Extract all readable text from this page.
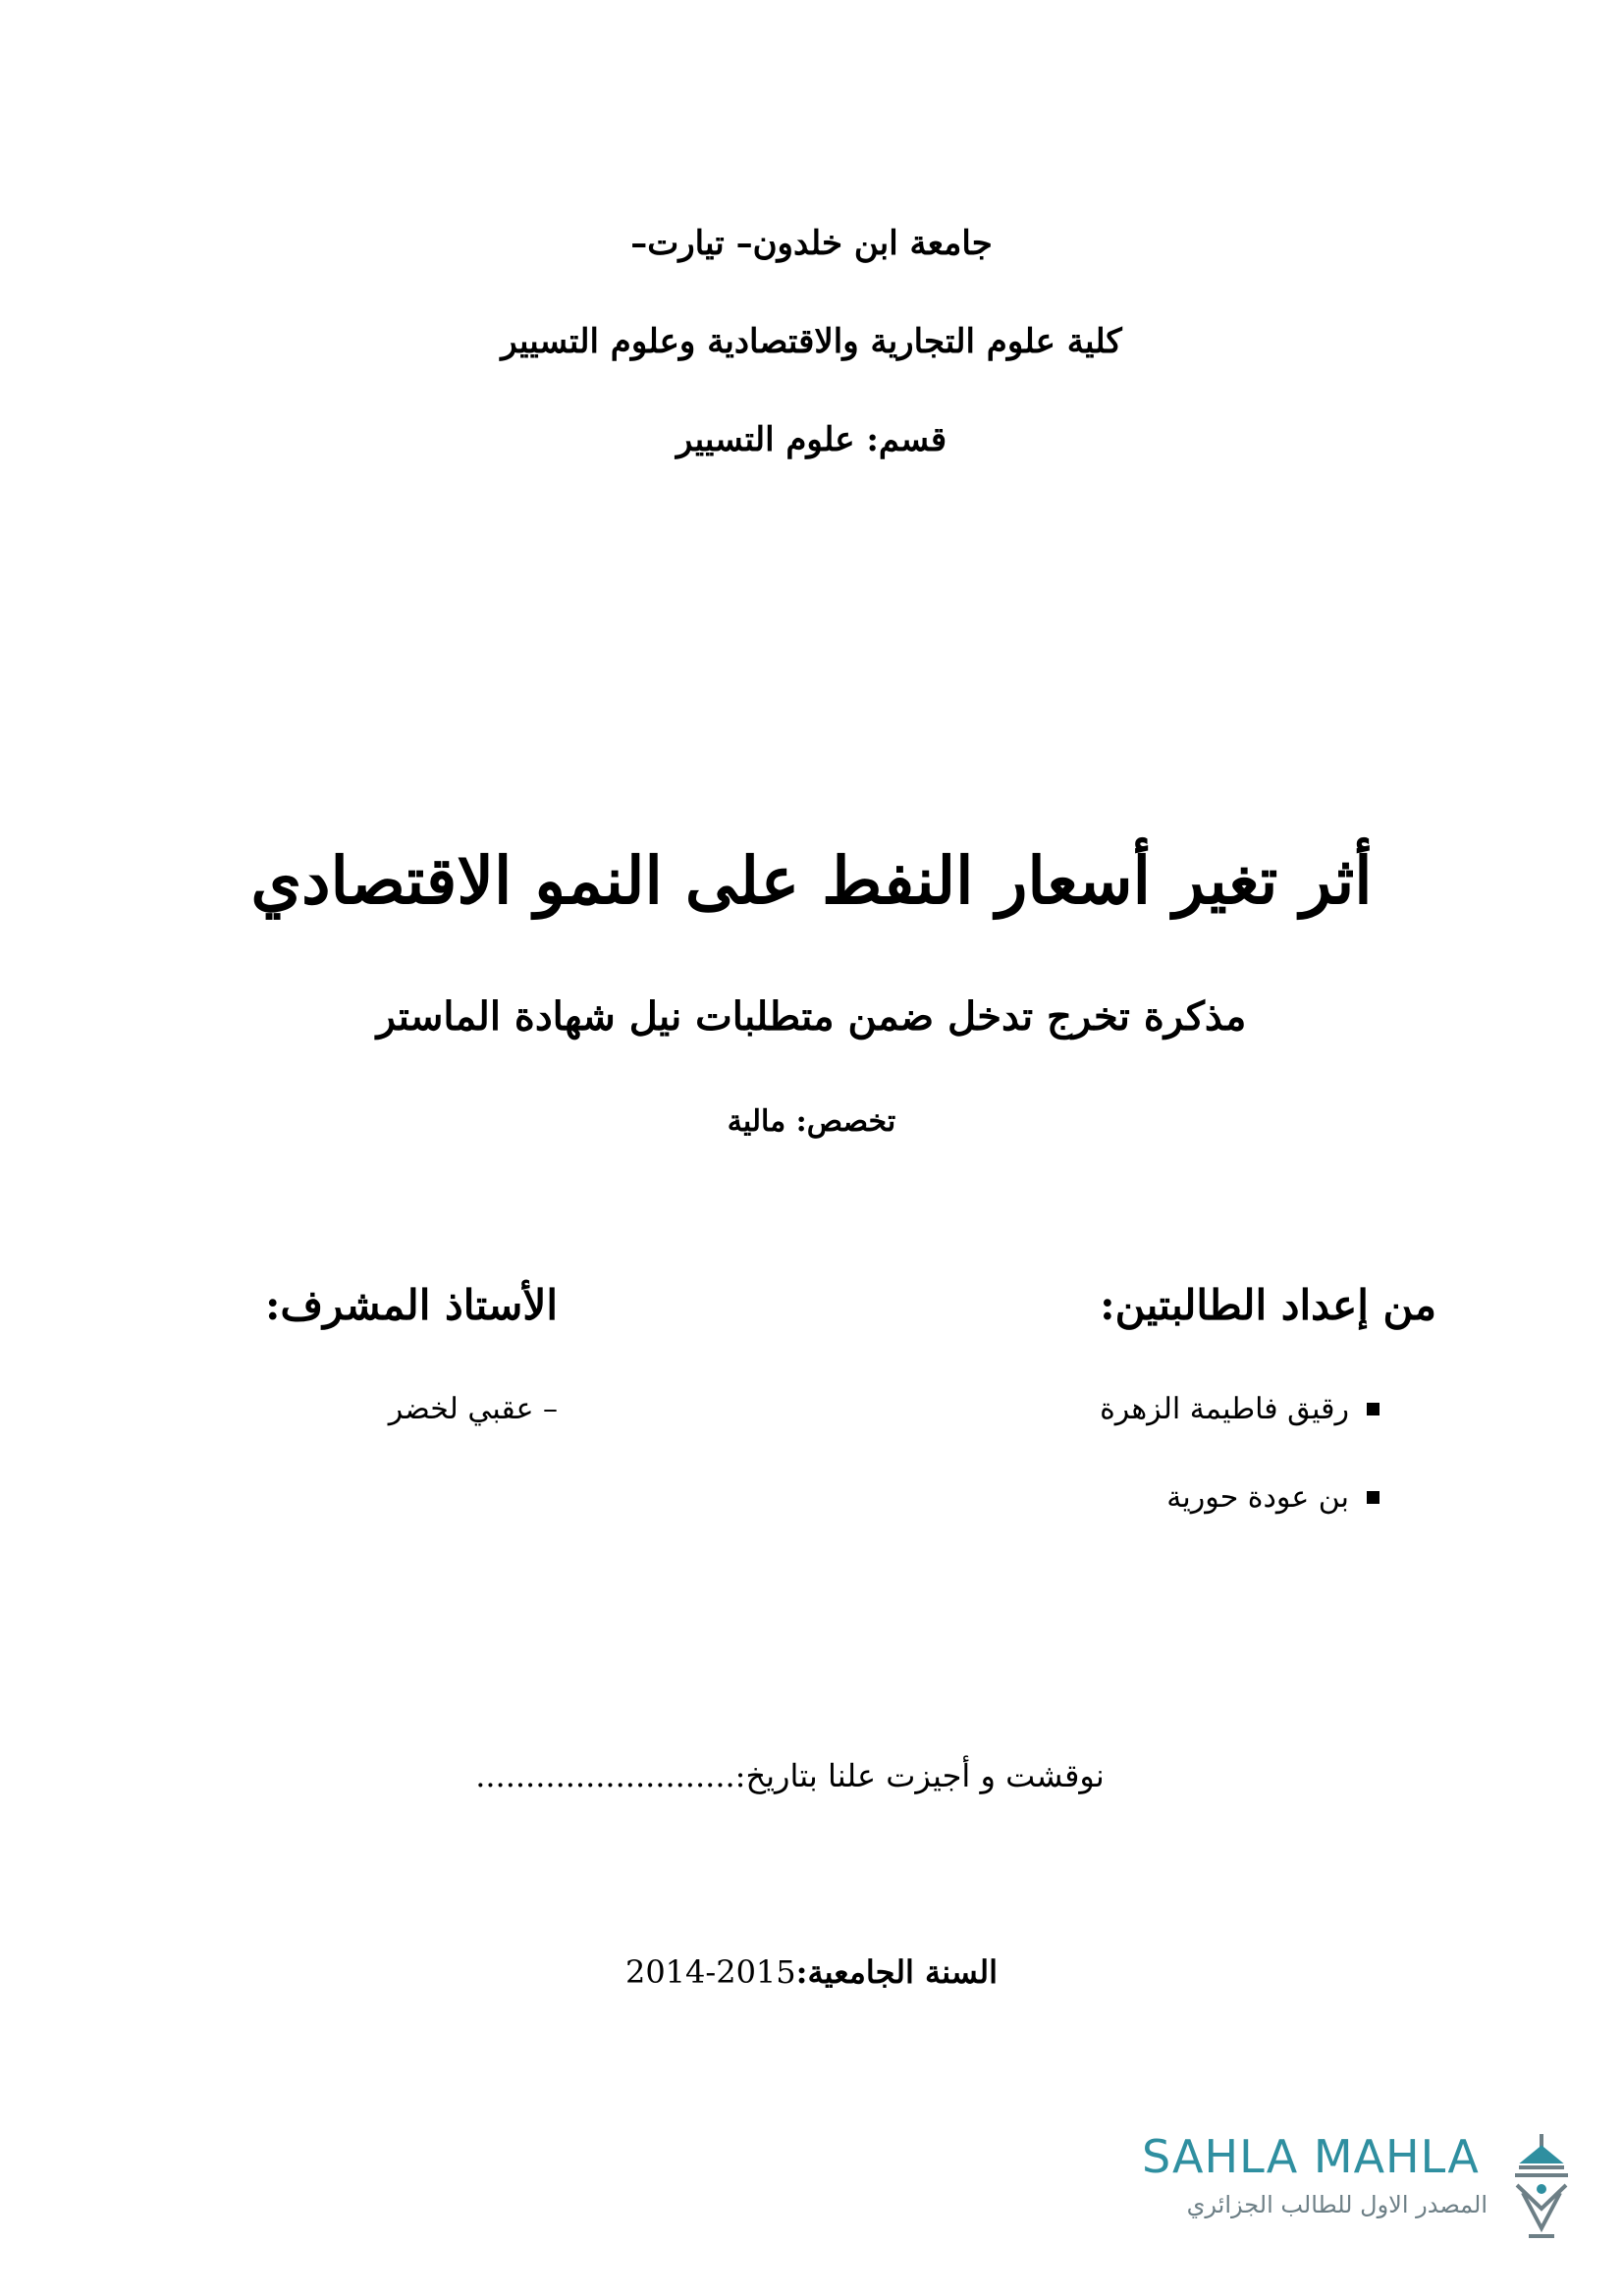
جامعة ابن خلدون– تيارت–
كلية علوم التجارية والاقتصادية وعلوم التسيير
قسم: علوم التسيير
أثر تغير أسعار النفط على النمو الاقتصادي
مذكرة تخرج تدخل ضمن متطلبات نيل شهادة الماستر
تخصص: مالية
من إعداد الطالبتين:
الأستاذ المشرف:
رقيق فاطيمة الزهرة
بن عودة حورية
– عقبي لخضر
نوقشت و أجيزت علنا بتاريخ:..........................
السنة الجامعية:2014-2015
SAHLA MAHLA
المصدر الاول للطالب الجزائري
